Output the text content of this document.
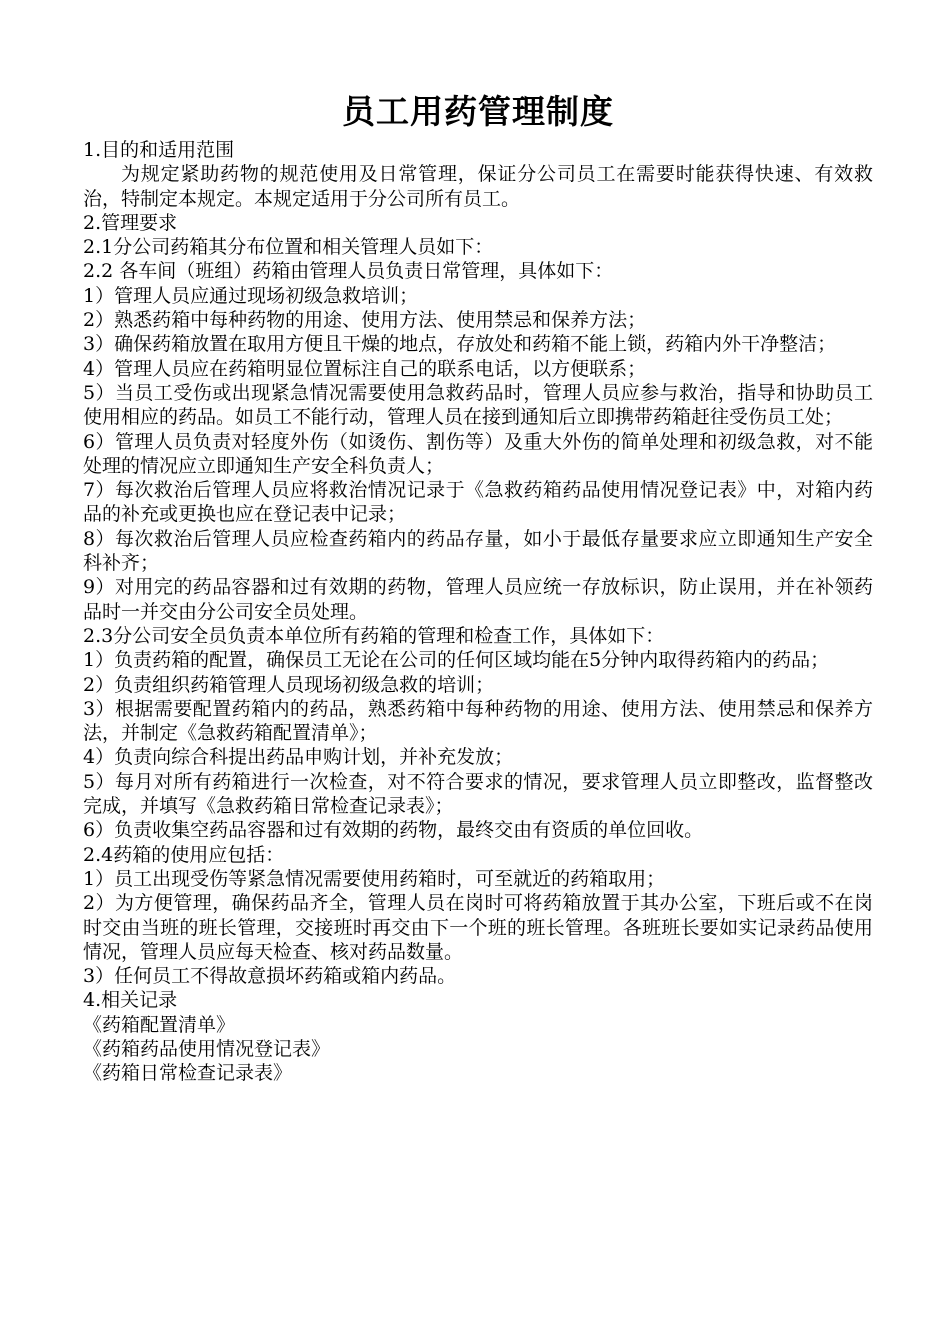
员工用药管理制度

1.目的和适用范围

为规定紧助药物的规范使用及日常管理，保证分公司员工在需要时能获得快速、有效救治，特制定本规定。本规定适用于分公司所有员工。

2.管理要求

2.1分公司药箱其分布位置和相关管理人员如下：

2.2 各车间（班组）药箱由管理人员负责日常管理，具体如下：

1）管理人员应通过现场初级急救培训；

2）熟悉药箱中每种药物的用途、使用方法、使用禁忌和保养方法；

3）确保药箱放置在取用方便且干燥的地点，存放处和药箱不能上锁，药箱内外干净整洁；

4）管理人员应在药箱明显位置标注自己的联系电话，以方便联系；

5）当员工受伤或出现紧急情况需要使用急救药品时，管理人员应参与救治，指导和协助员工使用相应的药品。如员工不能行动，管理人员在接到通知后立即携带药箱赶往受伤员工处；

6）管理人员负责对轻度外伤（如烫伤、割伤等）及重大外伤的简单处理和初级急救，对不能处理的情况应立即通知生产安全科负责人；

7）每次救治后管理人员应将救治情况记录于《急救药箱药品使用情况登记表》中，对箱内药品的补充或更换也应在登记表中记录；

8）每次救治后管理人员应检查药箱内的药品存量，如小于最低存量要求应立即通知生产安全科补齐；

9）对用完的药品容器和过有效期的药物，管理人员应统一存放标识，防止误用，并在补领药品时一并交由分公司安全员处理。

2.3分公司安全员负责本单位所有药箱的管理和检查工作，具体如下：

1）负责药箱的配置，确保员工无论在公司的任何区域均能在5分钟内取得药箱内的药品；

2）负责组织药箱管理人员现场初级急救的培训；

3）根据需要配置药箱内的药品，熟悉药箱中每种药物的用途、使用方法、使用禁忌和保养方法，并制定《急救药箱配置清单》；

4）负责向综合科提出药品申购计划，并补充发放；

5）每月对所有药箱进行一次检查，对不符合要求的情况，要求管理人员立即整改，监督整改完成，并填写《急救药箱日常检查记录表》；

6）负责收集空药品容器和过有效期的药物，最终交由有资质的单位回收。

2.4药箱的使用应包括：

1）员工出现受伤等紧急情况需要使用药箱时，可至就近的药箱取用；

2）为方便管理，确保药品齐全，管理人员在岗时可将药箱放置于其办公室，下班后或不在岗时交由当班的班长管理，交接班时再交由下一个班的班长管理。各班班长要如实记录药品使用情况，管理人员应每天检查、核对药品数量。

3）任何员工不得故意损坏药箱或箱内药品。

4.相关记录

《药箱配置清单》

《药箱药品使用情况登记表》

《药箱日常检查记录表》
